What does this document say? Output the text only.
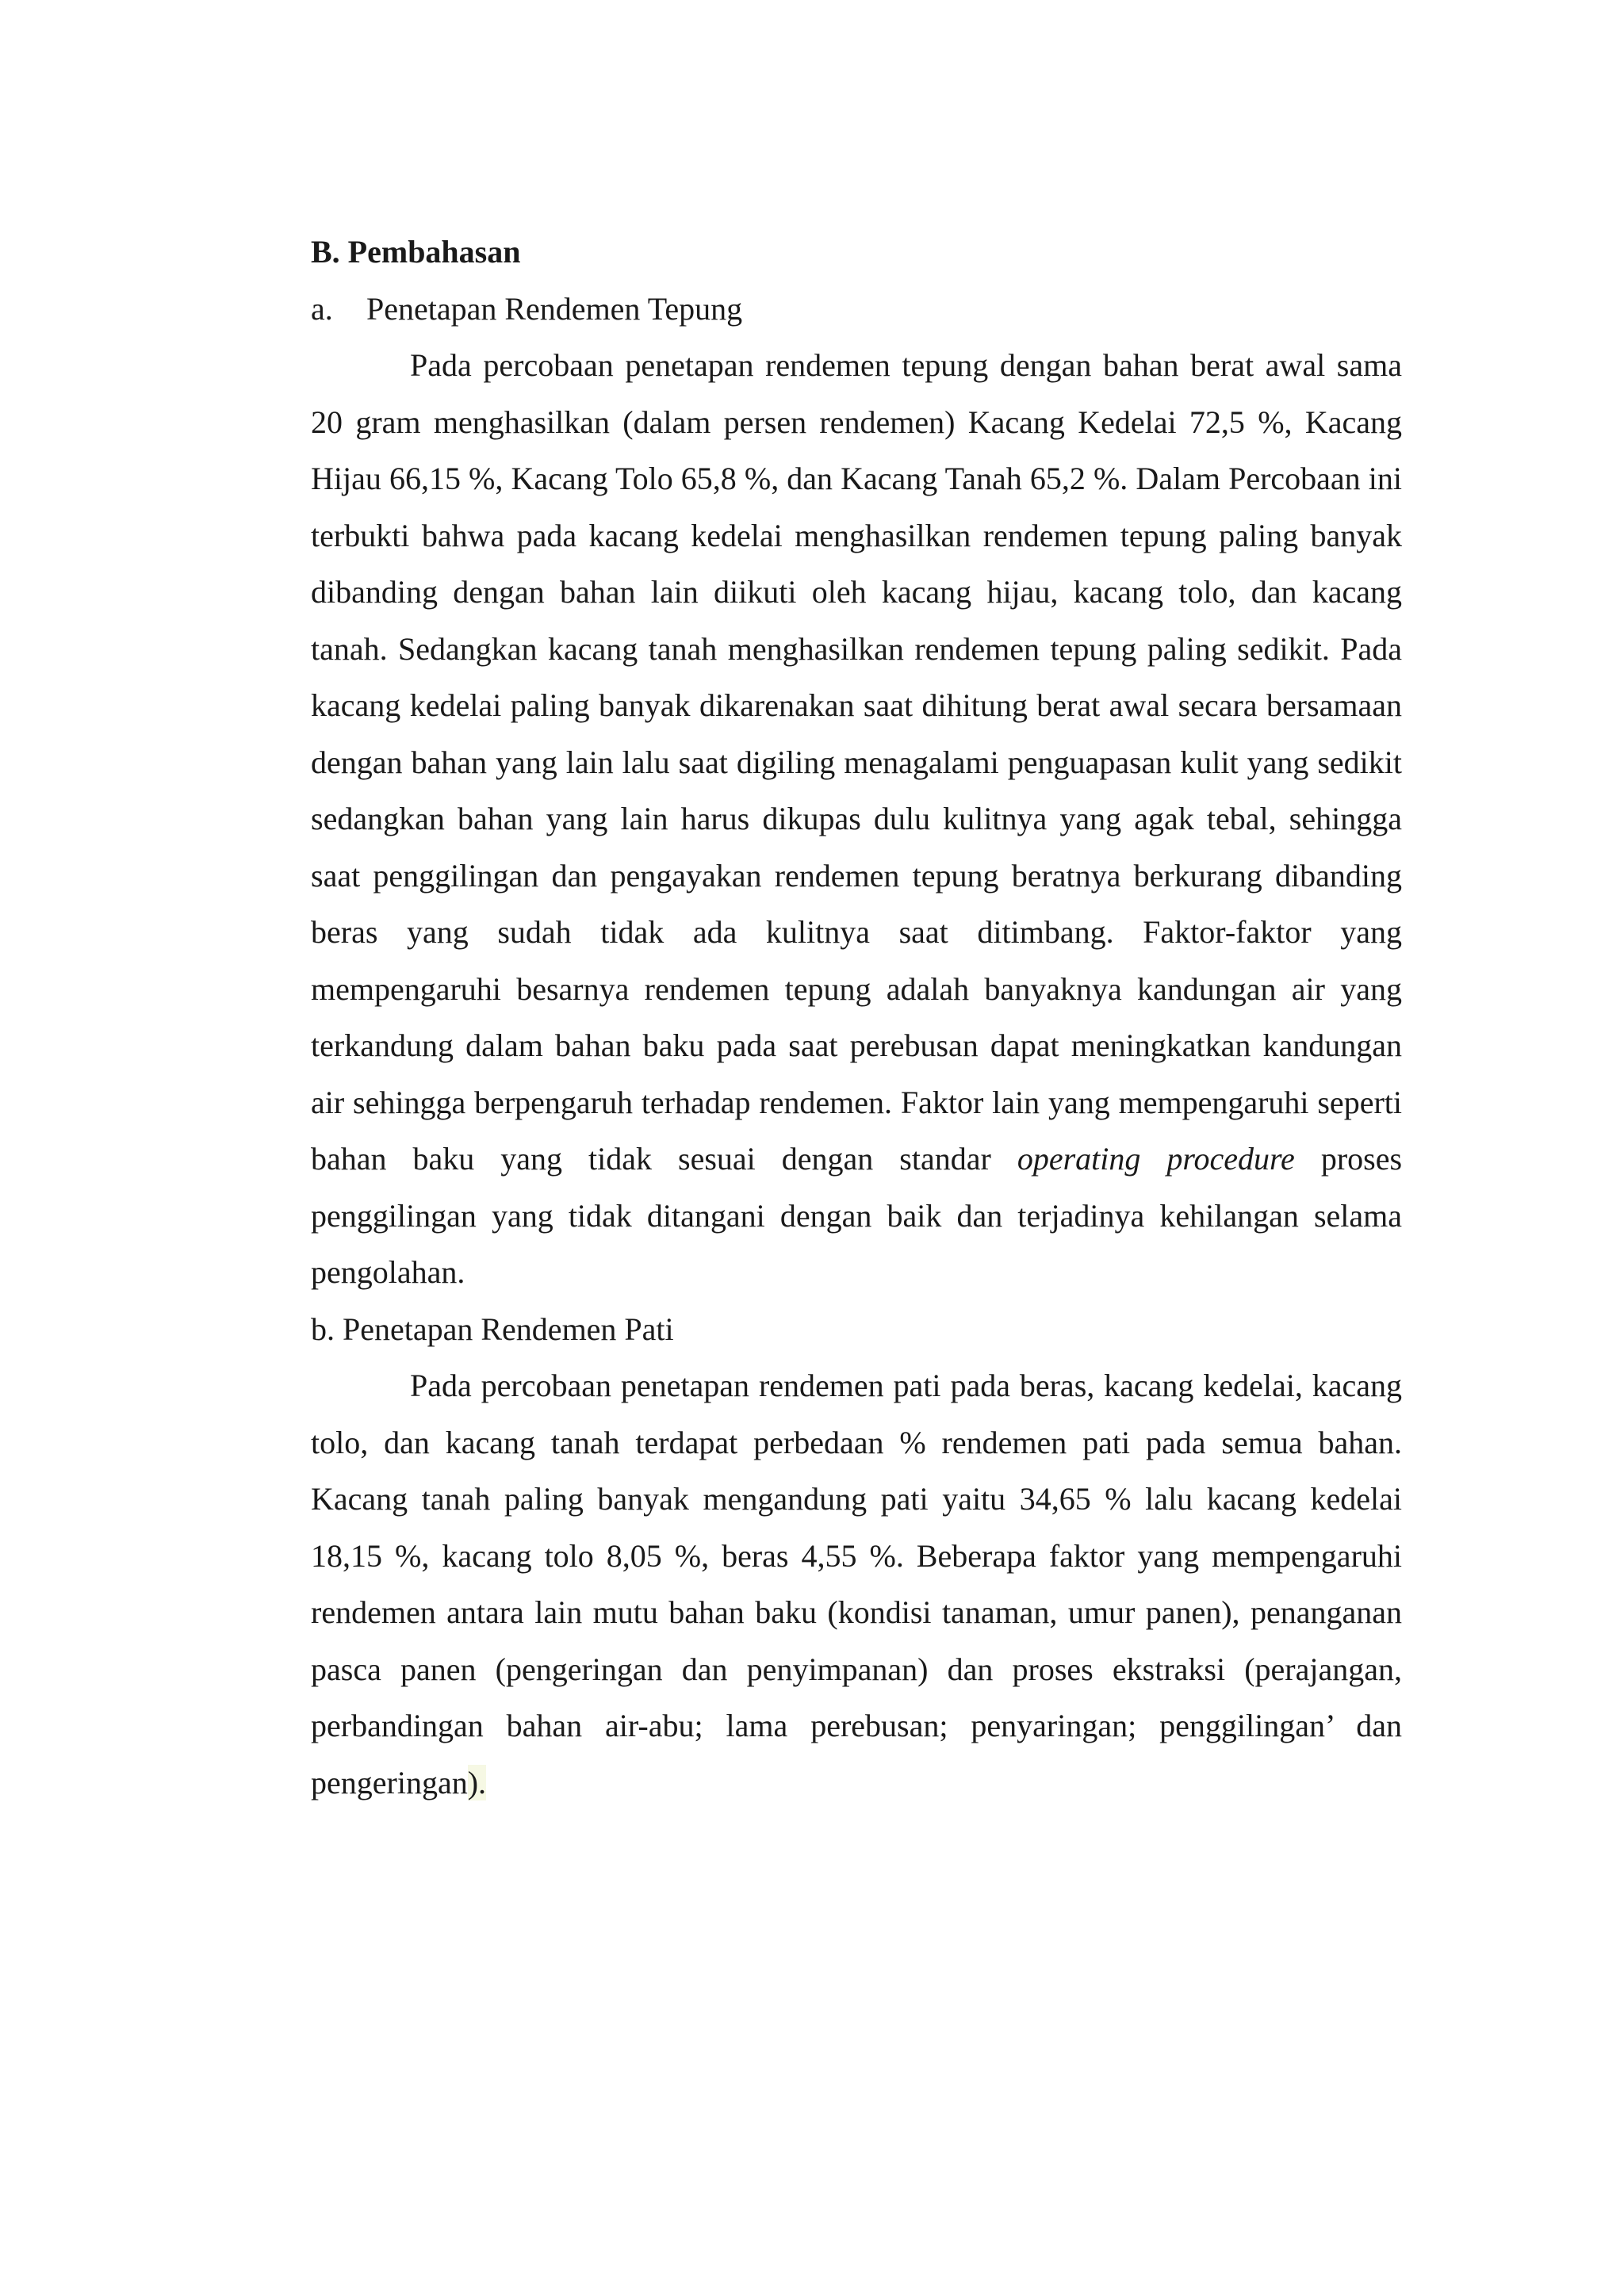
B. Pembahasan

a. Penetapan Rendemen Tepung

Pada percobaan penetapan rendemen tepung dengan bahan berat awal sama 20 gram menghasilkan (dalam persen rendemen) Kacang Kedelai 72,5 %, Kacang Hijau 66,15 %, Kacang Tolo 65,8 %, dan Kacang Tanah 65,2 %. Dalam Percobaan ini terbukti bahwa pada kacang kedelai menghasilkan rendemen tepung paling banyak dibanding dengan bahan lain diikuti oleh kacang hijau, kacang tolo, dan kacang tanah. Sedangkan kacang tanah menghasilkan rendemen tepung paling sedikit. Pada kacang kedelai paling banyak dikarenakan saat dihitung berat awal secara bersamaan dengan bahan yang lain lalu saat digiling menagalami penguapasan kulit yang sedikit sedangkan bahan yang lain harus dikupas dulu kulitnya yang agak tebal, sehingga saat penggilingan dan pengayakan rendemen tepung beratnya berkurang dibanding beras yang sudah tidak ada kulitnya saat ditimbang. Faktor-faktor yang mempengaruhi besarnya rendemen tepung adalah banyaknya kandungan air yang terkandung dalam bahan baku pada saat perebusan dapat meningkatkan kandungan air sehingga berpengaruh terhadap rendemen. Faktor lain yang mempengaruhi seperti bahan baku yang tidak sesuai dengan standar operating procedure proses penggilingan yang tidak ditangani dengan baik dan terjadinya kehilangan selama pengolahan.

b. Penetapan Rendemen Pati

Pada percobaan penetapan rendemen pati pada beras, kacang kedelai, kacang tolo, dan kacang tanah terdapat perbedaan % rendemen pati pada semua bahan. Kacang tanah paling banyak mengandung pati yaitu 34,65 % lalu kacang kedelai 18,15 %, kacang tolo 8,05 %, beras 4,55 %. Beberapa faktor yang mempengaruhi rendemen antara lain mutu bahan baku (kondisi tanaman, umur panen), penanganan pasca panen (pengeringan dan penyimpanan) dan proses ekstraksi (perajangan, perbandingan bahan air-abu; lama perebusan; penyaringan; penggilingan’ dan pengeringan).
